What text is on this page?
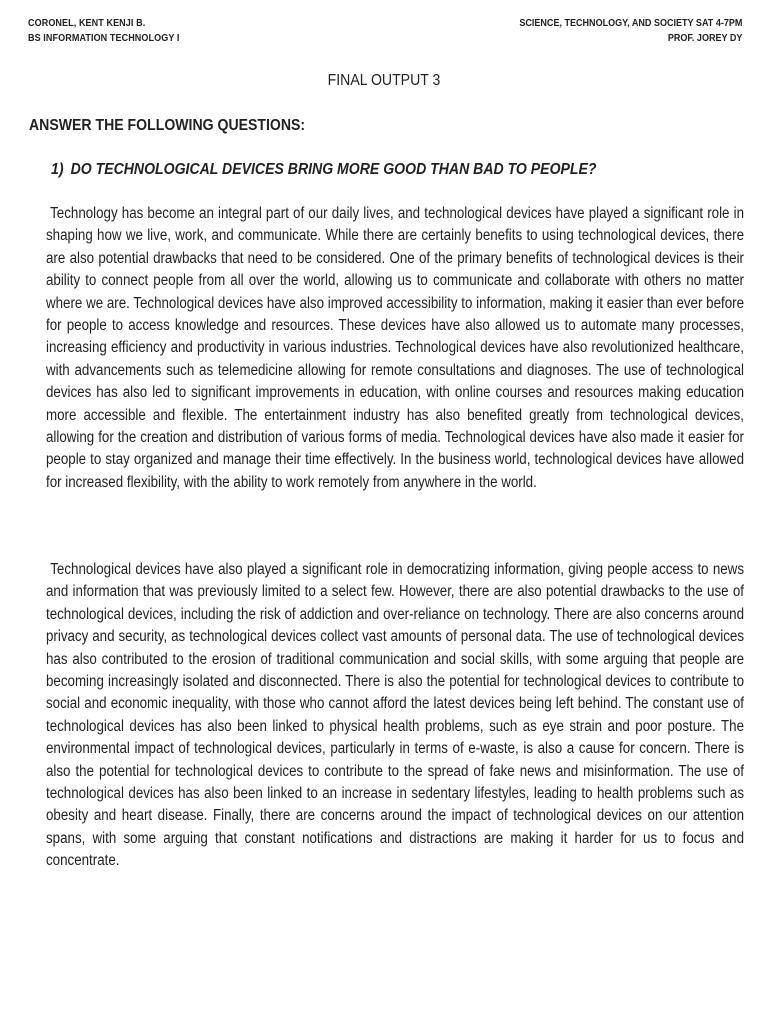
CORONEL, KENT KENJI B.
BS INFORMATION TECHNOLOGY I
SCIENCE, TECHNOLOGY, AND SOCIETY SAT 4-7PM
PROF. JOREY DY
FINAL OUTPUT 3
ANSWER THE FOLLOWING QUESTIONS:
1) DO TECHNOLOGICAL DEVICES BRING MORE GOOD THAN BAD TO PEOPLE?
Technology has become an integral part of our daily lives, and technological devices have played a significant role in shaping how we live, work, and communicate. While there are certainly benefits to using technological devices, there are also potential drawbacks that need to be considered. One of the primary benefits of technological devices is their ability to connect people from all over the world, allowing us to communicate and collaborate with others no matter where we are. Technological devices have also improved accessibility to information, making it easier than ever before for people to access knowledge and resources. These devices have also allowed us to automate many processes, increasing efficiency and productivity in various industries. Technological devices have also revolutionized healthcare, with advancements such as telemedicine allowing for remote consultations and diagnoses. The use of technological devices has also led to significant improvements in education, with online courses and resources making education more accessible and flexible. The entertainment industry has also benefited greatly from technological devices, allowing for the creation and distribution of various forms of media. Technological devices have also made it easier for people to stay organized and manage their time effectively. In the business world, technological devices have allowed for increased flexibility, with the ability to work remotely from anywhere in the world.
Technological devices have also played a significant role in democratizing information, giving people access to news and information that was previously limited to a select few. However, there are also potential drawbacks to the use of technological devices, including the risk of addiction and over-reliance on technology. There are also concerns around privacy and security, as technological devices collect vast amounts of personal data. The use of technological devices has also contributed to the erosion of traditional communication and social skills, with some arguing that people are becoming increasingly isolated and disconnected. There is also the potential for technological devices to contribute to social and economic inequality, with those who cannot afford the latest devices being left behind. The constant use of technological devices has also been linked to physical health problems, such as eye strain and poor posture. The environmental impact of technological devices, particularly in terms of e-waste, is also a cause for concern. There is also the potential for technological devices to contribute to the spread of fake news and misinformation. The use of technological devices has also been linked to an increase in sedentary lifestyles, leading to health problems such as obesity and heart disease. Finally, there are concerns around the impact of technological devices on our attention spans, with some arguing that constant notifications and distractions are making it harder for us to focus and concentrate.
